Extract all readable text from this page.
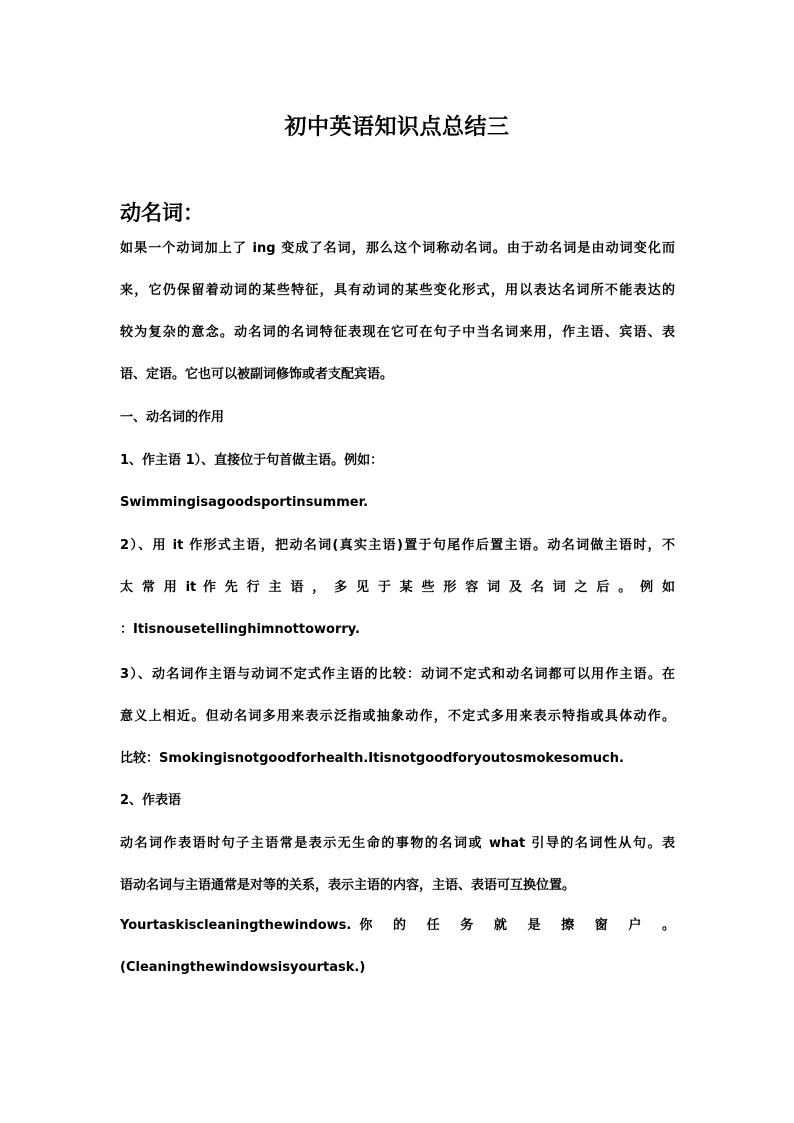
初中英语知识点总结三
动名词：

如果一个动词加上了 ing 变成了名词，那么这个词称动名词。由于动名词是由动词变化而

来，它仍保留着动词的某些特征，具有动词的某些变化形式，用以表达名词所不能表达的

较为复杂的意念。动名词的名词特征表现在它可在句子中当名词来用，作主语、宾语、表

语、定语。它也可以被副词修饰或者支配宾语。

一、动名词的作用

1、作主语 1）、直接位于句首做主语。例如：

Swimmingisagoodsportinsummer.

2）、用 it 作形式主语，把动名词(真实主语)置于句尾作后置主语。动名词做主语时，不

太 常 用 it 作 先 行 主 语 ， 多 见 于 某 些 形 容 词 及 名 词 之 后 。 例 如

：Itisnousetellinghimnottoworry.

3）、动名词作主语与动词不定式作主语的比较：动词不定式和动名词都可以用作主语。在

意义上相近。但动名词多用来表示泛指或抽象动作，不定式多用来表示特指或具体动作。

比较：Smokingisnotgoodforhealth.Itisnotgoodforyoutosmokesomuch.

2、作表语

动名词作表语时句子主语常是表示无生命的事物的名词或 what 引导的名词性从句。表

语动名词与主语通常是对等的关系，表示主语的内容，主语、表语可互换位置。

Yourtaskiscleaningthewindows.你 的 任 务 就 是 擦 窗 户 。

(Cleaningthewindowsisyourtask.)
